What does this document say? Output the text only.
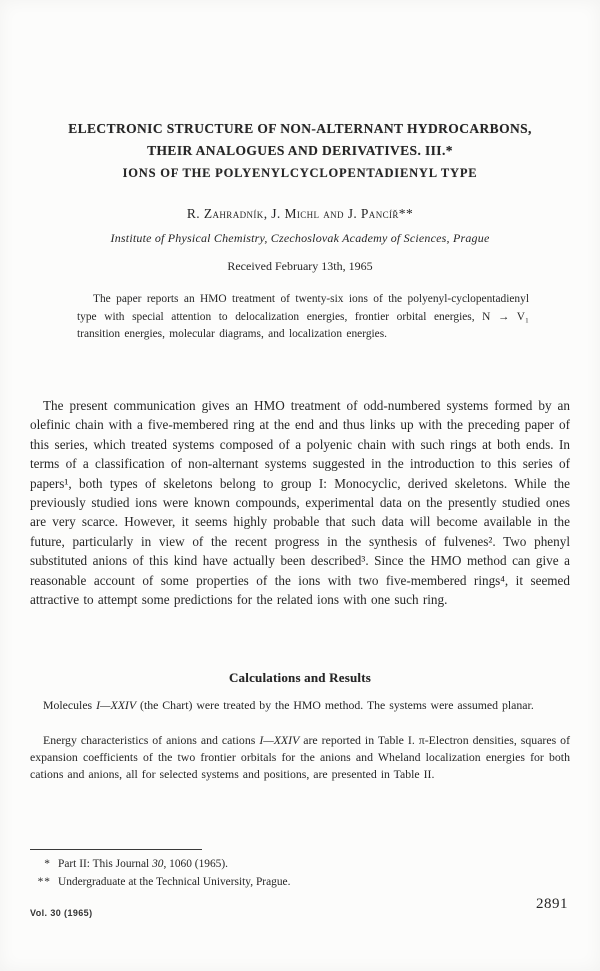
ELECTRONIC STRUCTURE OF NON-ALTERNANT HYDROCARBONS,
THEIR ANALOGUES AND DERIVATIVES. III.*
IONS OF THE POLYENYLCYCLOPENTADIENYL TYPE
R. Zahradník, J. Michl and J. Pancíř**
Institute of Physical Chemistry, Czechoslovak Academy of Sciences, Prague
Received February 13th, 1965
The paper reports an HMO treatment of twenty-six ions of the polyenyl-cyclopentadienyl type with special attention to delocalization energies, frontier orbital energies, N → V₁ transition energies, molecular diagrams, and localization energies.
The present communication gives an HMO treatment of odd-numbered systems formed by an olefinic chain with a five-membered ring at the end and thus links up with the preceding paper of this series, which treated systems composed of a polyenic chain with such rings at both ends. In terms of a classification of non-alternant systems suggested in the introduction to this series of papers¹, both types of skeletons belong to group I: Monocyclic, derived skeletons. While the previously studied ions were known compounds, experimental data on the presently studied ones are very scarce. However, it seems highly probable that such data will become available in the future, particularly in view of the recent progress in the synthesis of fulvenes². Two phenyl substituted anions of this kind have actually been described³. Since the HMO method can give a reasonable account of some properties of the ions with two five-membered rings⁴, it seemed attractive to attempt some predictions for the related ions with one such ring.
Calculations and Results
Molecules I—XXIV (the Chart) were treated by the HMO method. The systems were assumed planar.
Energy characteristics of anions and cations I—XXIV are reported in Table I. π-Electron densities, squares of expansion coefficients of the two frontier orbitals for the anions and Wheland localization energies for both cations and anions, all for selected systems and positions, are presented in Table II.
* Part II: This Journal 30, 1060 (1965).
** Undergraduate at the Technical University, Prague.
Vol. 30 (1965)
2891
